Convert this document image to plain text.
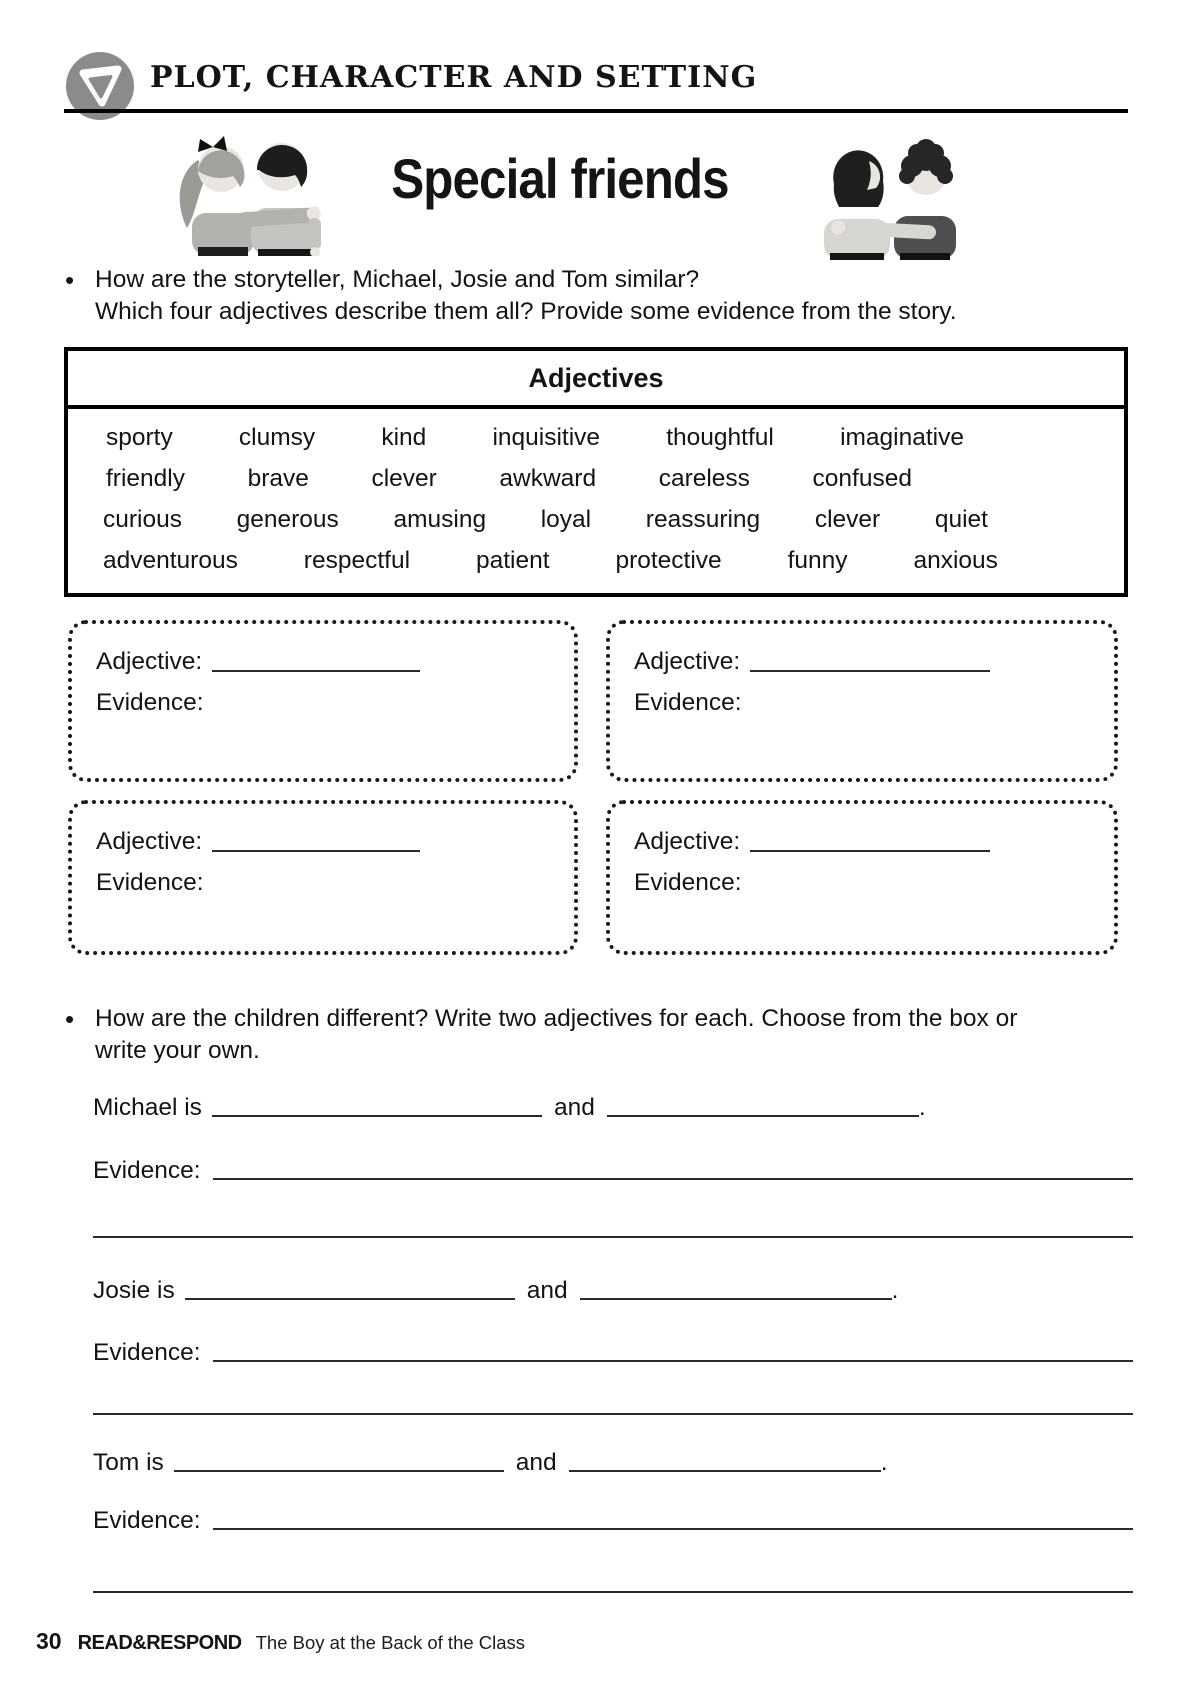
PLOT, CHARACTER AND SETTING
Special friends
• How are the storyteller, Michael, Josie and Tom similar?
Which four adjectives describe them all? Provide some evidence from the story.
Adjectives
sporty	clumsy	kind	inquisitive	thoughtful	imaginative
friendly	brave	clever	awkward	careless	confused
curious generous amusing loyal reassuring clever quiet
adventurous	respectful	patient	protective	funny	anxious
Adjective:
Evidence:
Adjective:
Evidence:
Adjective:
Evidence:
Adjective:
Evidence:
• How are the children different? Write two adjectives for each. Choose from the box or
write your own.
Michael is	and	.
Evidence:
Josie is	and	.
Evidence:
Tom is	and	.
Evidence:
30 READ&RESPOND The Boy at the Back of the Class
